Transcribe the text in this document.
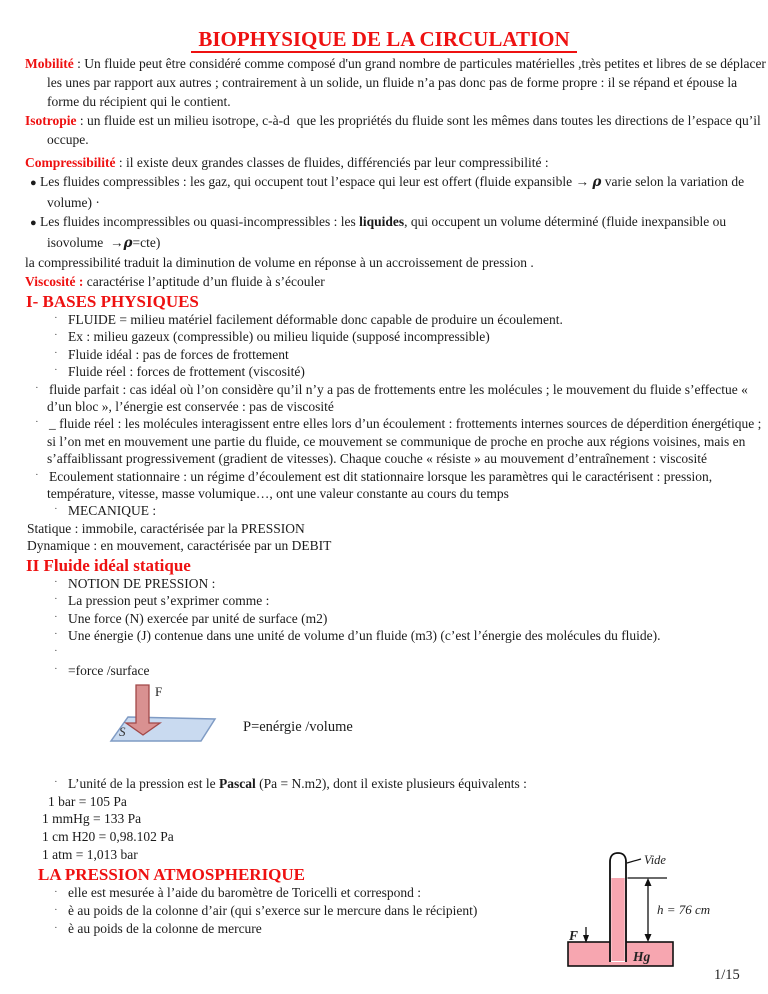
BIOPHYSIQUE DE LA CIRCULATION

Mobilité : Un fluide peut être considéré comme composé d'un grand nombre de particules matérielles ,très petites et libres de se déplacer les unes par rapport aux autres ; contrairement à un solide, un fluide n’a pas donc pas de forme propre : il se répand et épouse la forme du récipient qui le contient.

Isotropie : un fluide est un milieu isotrope, c-à-d  que les propriétés du fluide sont les mêmes dans toutes les directions de l’espace qu’il occupe.

Compressibilité : il existe deux grandes classes de fluides, différenciés par leur compressibilité :

● Les fluides compressibles : les gaz, qui occupent tout l’espace qui leur est offert (fluide expansible → ρ varie selon la variation de volume) ·

● Les fluides incompressibles ou quasi-incompressibles : les liquides, qui occupent un volume déterminé (fluide inexpansible ou isovolume  →ρ=cte)

la compressibilité traduit la diminution de volume en réponse à un accroissement de pression .

Viscosité : caractérise l’aptitude d’un fluide à s’écouler

I- BASES PHYSIQUES
· FLUIDE = milieu matériel facilement déformable donc capable de produire un écoulement.
· Ex : milieu gazeux (compressible) ou milieu liquide (supposé incompressible)
· Fluide idéal : pas de forces de frottement
· Fluide réel : forces de frottement (viscosité)
· fluide parfait : cas idéal où l’on considère qu’il n’y a pas de frottements entre les molécules ; le mouvement du fluide s’effectue « d’un bloc », l’énergie est conservée : pas de viscosité
· _ fluide réel : les molécules interagissent entre elles lors d’un écoulement : frottements internes sources de déperdition énergétique ; si l’on met en mouvement une partie du fluide, ce mouvement se communique de proche en proche aux régions voisines, mais en s’affaiblissant progressivement (gradient de vitesses). Chaque couche « résiste » au mouvement d’entraînement : viscosité
· Ecoulement stationnaire : un régime d’écoulement est dit stationnaire lorsque les paramètres qui le caractérisent : pression, température, vitesse, masse volumique…, ont une valeur constante au cours du temps
· MECANIQUE :

Statique : immobile, caractérisée par la PRESSION

Dynamique : en mouvement, caractérisée par un DEBIT

II Fluide idéal statique
· NOTION DE PRESSION :
· La pression peut s’exprimer comme :
· Une force (N) exercée par unité de surface (m2)
· Une énergie (J) contenue dans une unité de volume d’un fluide (m3) (c’est l’énergie des molécules du fluide).
·
· =force /surface
F
S	P=enérgie /volume
· L’unité de la pression est le Pascal (Pa = N.m2), dont il existe plusieurs équivalents :

1 bar = 105 Pa

1 mmHg = 133 Pa

1 cm H20 = 0,98.102 Pa

1 atm = 1,013 bar

LA PRESSION ATMOSPHERIQUE
· elle est mesurée à l’aide du baromètre de Toricelli et correspond :
· è au poids de la colonne d’air (qui s’exerce sur le mercure dans le récipient)
· è au poids de la colonne de mercure
Vide
h = 76 cm
F
Hg
1/15
